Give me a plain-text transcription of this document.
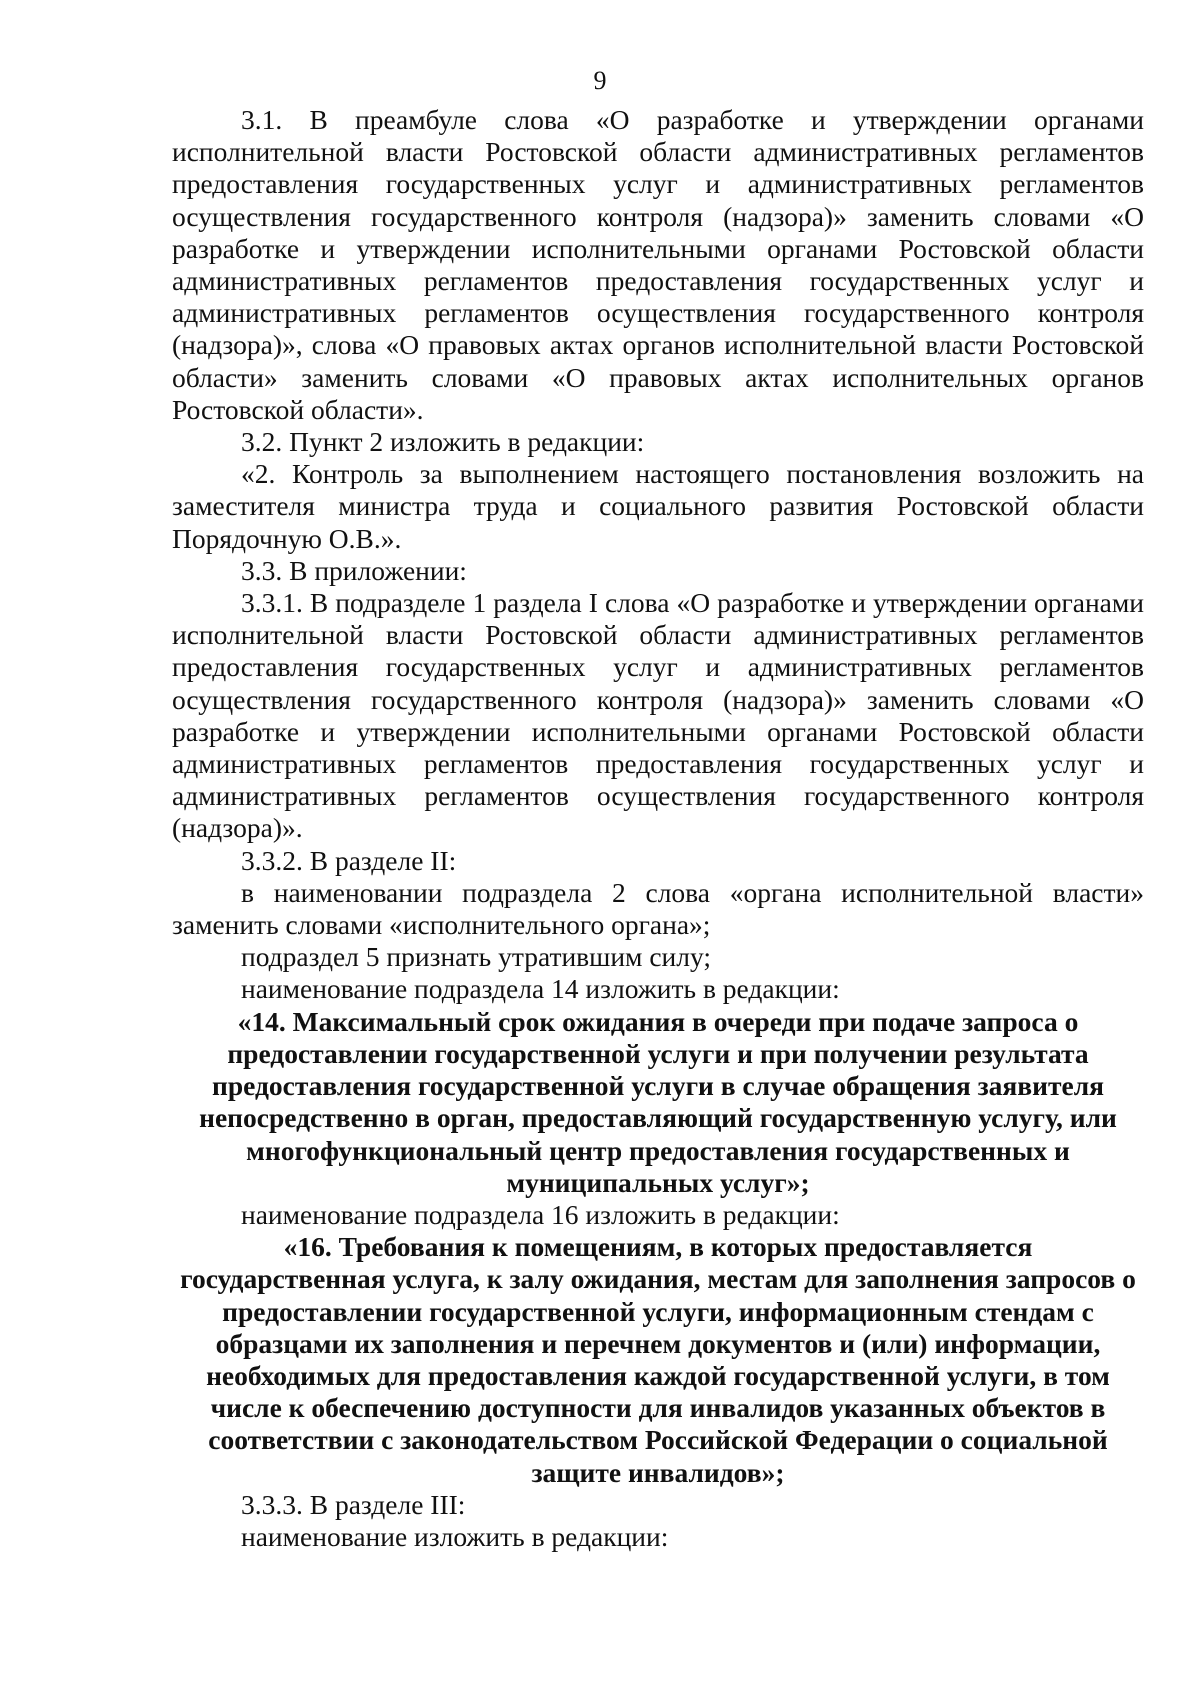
9

3.1. В преамбуле слова «О разработке и утверждении органами исполнительной власти Ростовской области административных регламентов предоставления государственных услуг и административных регламентов осуществления государственного контроля (надзора)» заменить словами «О разработке и утверждении исполнительными органами Ростовской области административных регламентов предоставления государственных услуг и административных регламентов осуществления государственного контроля (надзора)», слова «О правовых актах органов исполнительной власти Ростовской области» заменить словами «О правовых актах исполнительных органов Ростовской области».

3.2. Пункт 2 изложить в редакции:

«2. Контроль за выполнением настоящего постановления возложить на заместителя министра труда и социального развития Ростовской области Порядочную О.В.».

3.3. В приложении:

3.3.1. В подразделе 1 раздела I слова «О разработке и утверждении органами исполнительной власти Ростовской области административных регламентов предоставления государственных услуг и административных регламентов осуществления государственного контроля (надзора)» заменить словами «О разработке и утверждении исполнительными органами Ростовской области административных регламентов предоставления государственных услуг и административных регламентов осуществления государственного контроля (надзора)».

3.3.2. В разделе II:

в наименовании подраздела 2 слова «органа исполнительной власти» заменить словами «исполнительного органа»;

подраздел 5 признать утратившим силу;

наименование подраздела 14 изложить в редакции:

«14. Максимальный срок ожидания в очереди при подаче запроса о предоставлении государственной услуги и при получении результата предоставления государственной услуги в случае обращения заявителя непосредственно в орган, предоставляющий государственную услугу, или многофункциональный центр предоставления государственных и муниципальных услуг»;

наименование подраздела 16 изложить в редакции:

«16. Требования к помещениям, в которых предоставляется государственная услуга, к залу ожидания, местам для заполнения запросов о предоставлении государственной услуги, информационным стендам с образцами их заполнения и перечнем документов и (или) информации, необходимых для предоставления каждой государственной услуги, в том числе к обеспечению доступности для инвалидов указанных объектов в соответствии с законодательством Российской Федерации о социальной защите инвалидов»;

3.3.3. В разделе III:

наименование изложить в редакции:
